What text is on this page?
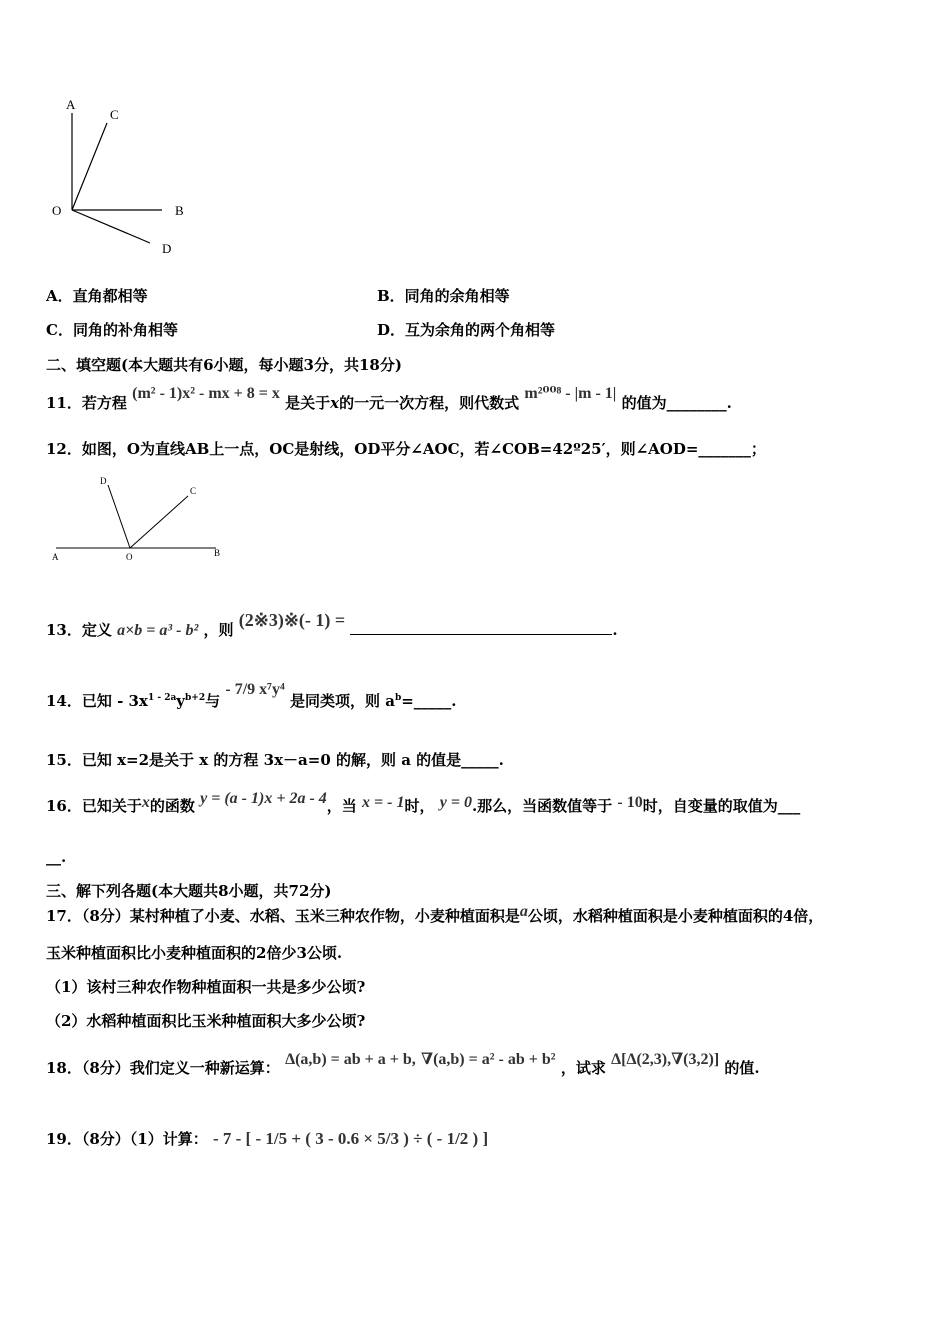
A
C
O	B
D
A．直角都相等	B．同角的余角相等
C．同角的补角相等	D．互为余角的两个角相等
二、填空题(本大题共有6小题，每小题3分，共18分)
11．若方程 (m² - 1)x² - mx + 8 = x 是关于x的一元一次方程，则代数式 m²⁰⁰⁸ - |m - 1| 的值为________.
12．如图，O为直线AB上一点，OC是射线，OD平分∠AOC，若∠COB=42º25′，则∠AOD=_______；
D
C
A	O	B
13．定义 a×b = a³ - b² ，则 (2※3)※(- 1) =	.
14．已知 - $3x^{1 - 2a}y^{b+2}$与 - 7/9 x⁷y⁴ 是同类项，则 $a^b=\_\_\_\_\_$.
15．已知 x=2是关于 x 的方程 3x－a=0 的解，则 a 的值是_____.
16．已知关于x的函数 y = (a - 1)x + 2a - 4，当 x = - 1时， y = 0.那么，当函数值等于 - 10时，自变量的取值为___
__.
三、解下列各题(本大题共8小题，共72分)
17．（8分）某村种植了小麦、水稻、玉米三种农作物，小麦种植面积是a公顷，水稻种植面积是小麦种植面积的4倍，
玉米种植面积比小麦种植面积的2倍少3公顷.
（1）该村三种农作物种植面积一共是多少公顷?
（2）水稻种植面积比玉米种植面积大多少公顷?
18．（8分）我们定义一种新运算： Δ(a,b) = ab + a + b, ∇(a,b) = a² - ab + b² ，试求 Δ[Δ(2,3),∇(3,2)] 的值.
19．（8分）（1）计算： - 7 - [ - 1/5 + ( 3 - 0.6 × 5/3 ) ÷ ( - 1/2 ) ]
